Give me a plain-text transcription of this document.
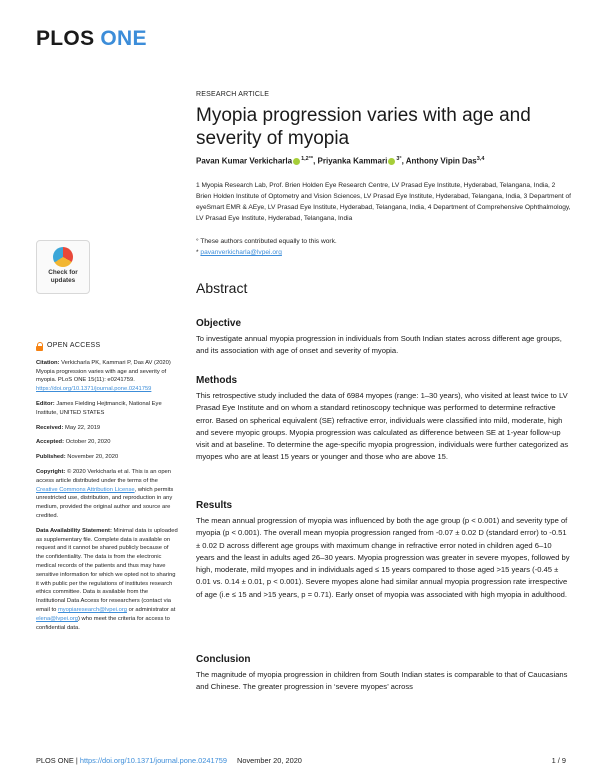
PLOS ONE
RESEARCH ARTICLE
Myopia progression varies with age and severity of myopia
Pavan Kumar Verkicharla $^{1,2^\circ*}$, Priyanka Kammari $^{3^\circ}$, Anthony Vipin Das$^{3,4}$
1 Myopia Research Lab, Prof. Brien Holden Eye Research Centre, LV Prasad Eye Institute, Hyderabad, Telangana, India, 2 Brien Holden Institute of Optometry and Vision Sciences, LV Prasad Eye Institute, Hyderabad, Telangana, India, 3 Department of eyeSmart EMR & AEye, LV Prasad Eye Institute, Hyderabad, Telangana, India, 4 Department of Comprehensive Ophthalmology, LV Prasad Eye Institute, Hyderabad, Telangana, India
° These authors contributed equally to this work.
* pavanverkicharla@lvpei.org
Check for
updates	Abstract
Objective

To investigate annual myopia progression in individuals from South Indian states across different age groups, and its association with age of onset and severity of myopia.

Methods

This retrospective study included the data of 6984 myopes (range: 1–30 years), who visited at least twice to LV Prasad Eye Institute and on whom a standard retinoscopy technique was performed to determine refractive error. Based on spherical equivalent (SE) refractive error, individuals were classified into mild, moderate, high and severe myopic groups. Myopia progression was calculated as difference between SE at 1-year follow-up visit and at baseline. To determine the age-specific myopia progression, individuals were further categorized as myopes who are at least 15 years or younger and those who are above 15.

Results

The mean annual progression of myopia was influenced by both the age group (p < 0.001) and severity type of myopia (p < 0.001). The overall mean myopia progression ranged from -0.07 ± 0.02 D (standard error) to -0.51 ± 0.02 D across different age groups with maximum change in refractive error noted in children aged 6–10 years and the least in adults aged 26–30 years. Myopia progression was greater in severe myopes, followed by high, moderate, mild myopes and in individuals aged ≤ 15 years compared to those aged >15 years (-0.45 ± 0.01 vs. 0.14 ± 0.01, p < 0.001). Severe myopes alone had similar annual myopia progression rate irrespective of age (i.e ≤ 15 and >15 years, p = 0.71). Early onset of myopia was associated with high myopia in adulthood.

Conclusion

The magnitude of myopia progression in children from South Indian states is comparable to that of Caucasians and Chinese. The greater progression in ‘severe myopes’ across

OPEN ACCESS
Citation: Verkicharla PK, Kammari P, Das AV (2020) Myopia progression varies with age and severity of myopia. PLoS ONE 15(11): e0241759. https://doi.org/10.1371/journal.pone.0241759
Editor: James Fielding Hejtmancik, National Eye Institute, UNITED STATES
Received: May 22, 2019
Accepted: October 20, 2020
Published: November 20, 2020
Copyright: © 2020 Verkicharla et al. This is an open access article distributed under the terms of the Creative Commons Attribution License, which permits unrestricted use, distribution, and reproduction in any medium, provided the original author and source are credited.
Data Availability Statement: Minimal data is uploaded as supplementary file. Complete data is available on request and it cannot be shared publicly because of the confidentiality. The data is from the electronic medical records of the patients and thus may have sensitive information for which we opted not to sharing it with public per the regulations of institutes research ethics committee. Data is available from the Institutional Data Access for researchers (contact via email to myopiaresearch@lvpei.org or administrator at elena@lvpei.org) who meet the criteria for access to confidential data.
PLOS ONE | https://doi.org/10.1371/journal.pone.0241759 November 20, 2020	1 / 9
